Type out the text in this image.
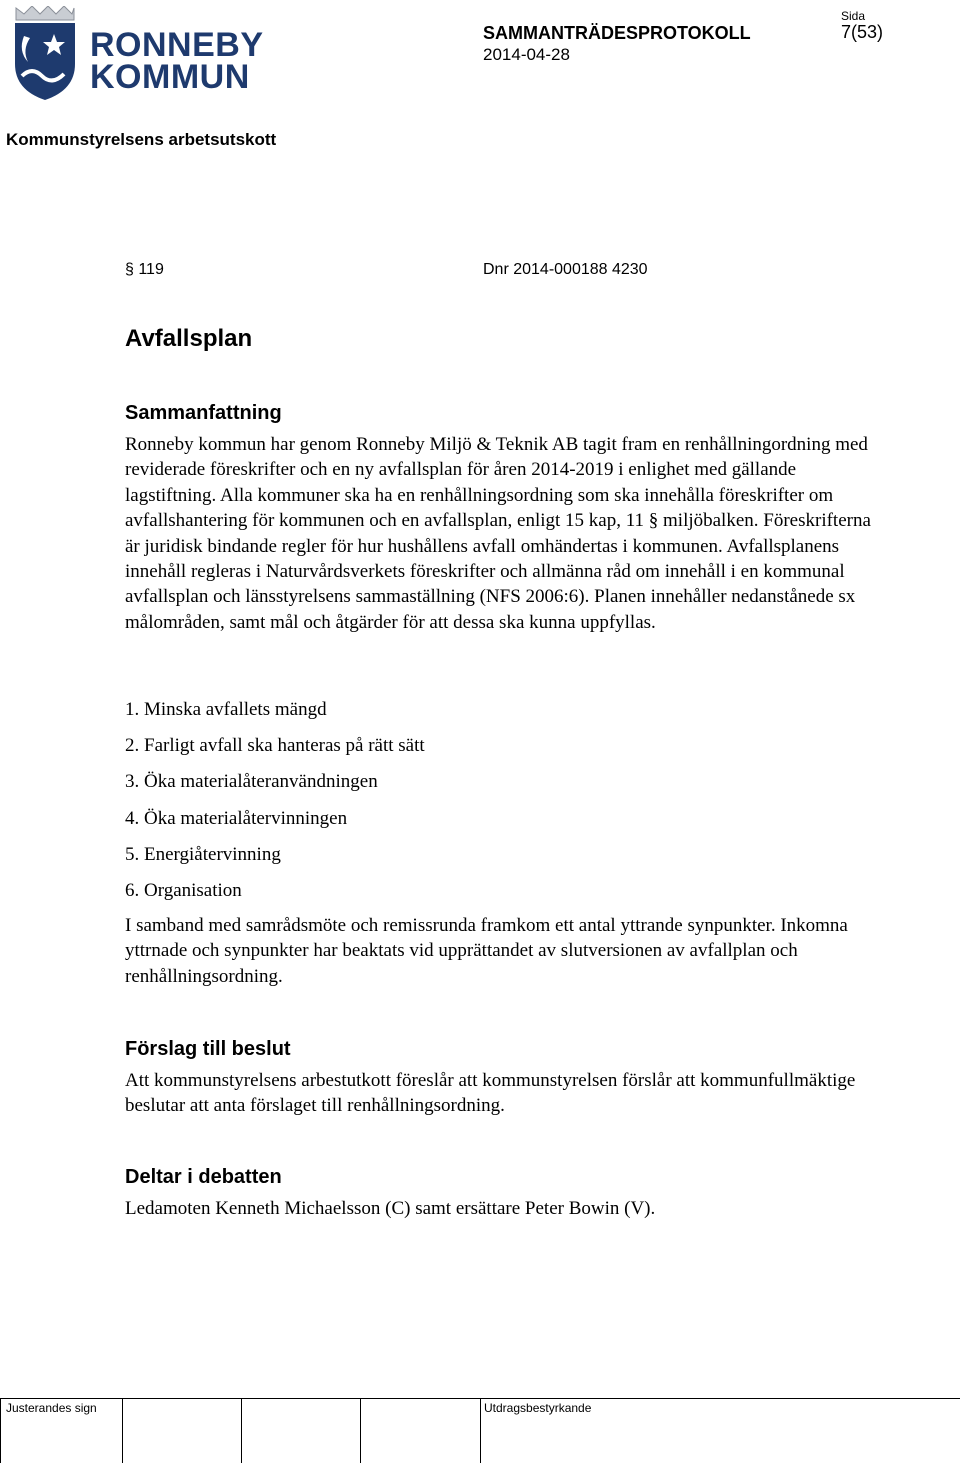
RONNEBY
KOMMUN
SAMMANTRÄDESPROTOKOLL
2014-04-28
Sida
7(53)
Kommunstyrelsens arbetsutskott
§ 119	Dnr 2014-000188 4230
Avfallsplan
Sammanfattning
Ronneby kommun har genom Ronneby Miljö & Teknik AB tagit fram en renhållningordning med reviderade föreskrifter och en ny avfallsplan för åren 2014-2019 i enlighet med gällande lagstiftning. Alla kommuner ska ha en renhållningsordning som ska innehålla föreskrifter om avfallshantering för kommunen och en avfallsplan, enligt 15 kap, 11 § miljöbalken. Föreskrifterna är juridisk bindande regler för hur hushållens avfall omhändertas i kommunen. Avfallsplanens innehåll regleras i Naturvårdsverkets föreskrifter och allmänna råd om innehåll i en kommunal avfallsplan och länsstyrelsens sammaställning (NFS 2006:6). Planen innehåller nedanstånede sx målområden, samt mål och åtgärder för att dessa ska kunna uppfyllas.
1. Minska avfallets mängd
2. Farligt avfall ska hanteras på rätt sätt
3. Öka materialåteranvändningen
4. Öka materialåtervinningen
5. Energiåtervinning
6. Organisation
I samband med samrådsmöte och remissrunda framkom ett antal yttrande synpunkter. Inkomna yttrnade och synpunkter har beaktats vid upprättandet av slutversionen av avfallplan och renhållningsordning.
Förslag till beslut
Att kommunstyrelsens arbestutkott föreslår att kommunstyrelsen förslår att kommunfullmäktige beslutar att anta förslaget till renhållningsordning.
Deltar i debatten
Ledamoten Kenneth Michaelsson (C) samt ersättare Peter Bowin (V).
Justerandes sign	Utdragsbestyrkande
